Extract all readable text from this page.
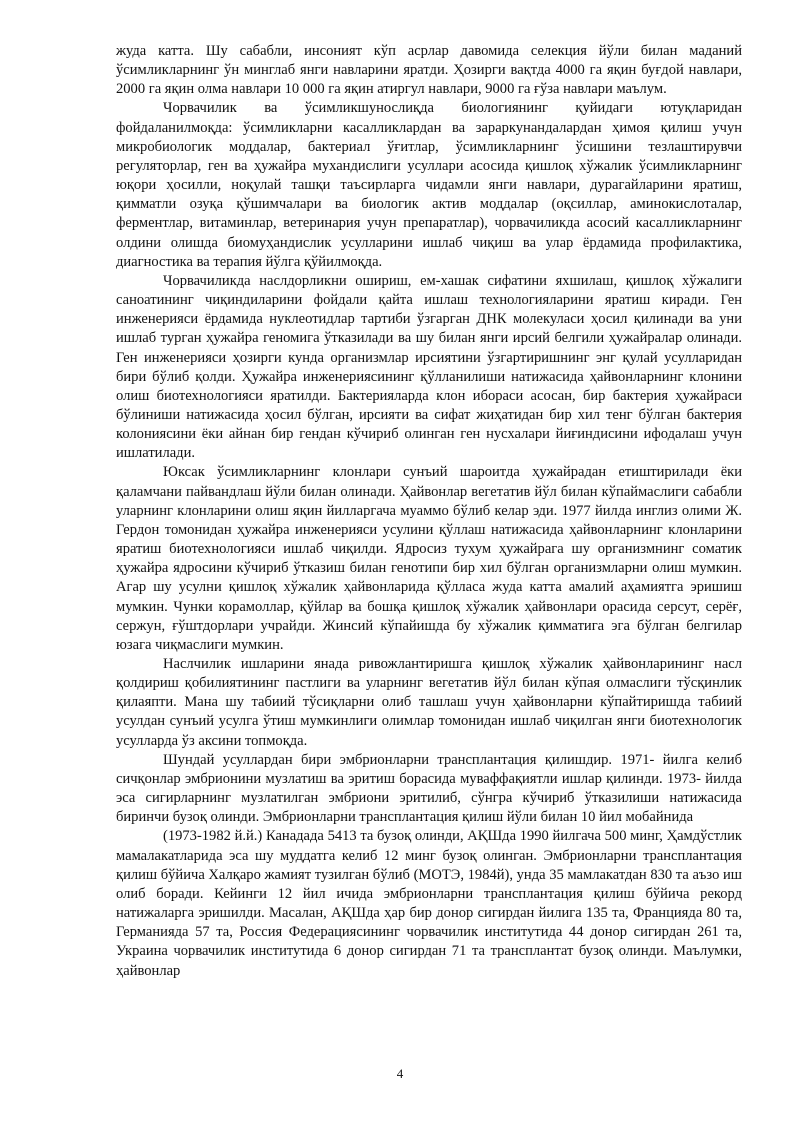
жуда катта. Шу сабабли, инсоният кўп асрлар давомида селекция йўли билан маданий ўсимликларнинг ўн минглаб янги навларини яратди. Ҳозирги вақтда 4000 га яқин буғдой навлари, 2000 га яқин олма навлари 10 000 га яқин атиргул навлари, 9000 га ғўза навлари маълум.

Чорвачилик ва ўсимликшунослиқда биологиянинг қуйидаги ютуқларидан фойдаланилмоқда: ўсимликларни касалликлардан ва зараркунандалардан ҳимоя қилиш учун микробиологик моддалар, бактериал ўғитлар, ўсимликларнинг ўсишини тезлаштирувчи регуляторлар, ген ва ҳужайра мухандислиги усуллари асосида қишлоқ хўжалик ўсимликларнинг юқори ҳосилли, ноқулай ташқи таъсирларга чидамли янги навлари, дурагайларини яратиш, қимматли озуқа қўшимчалари ва биологик актив моддалар (оқсиллар, аминокислоталар, ферментлар, витаминлар, ветеринария учун препаратлар), чорвачиликда асосий касалликларнинг олдини олишда биомуҳандислик усулларини ишлаб чиқиш ва улар ёрдамида профилактика, диагностика ва терапия йўлга қўйилмоқда.

Чорвачиликда наслдорликни ошириш, ем-хашак сифатини яхшилаш, қишлоқ хўжалиги саноатининг чиқиндиларини фойдали қайта ишлаш технологияларини яратиш киради. Ген инженерияси ёрдамида нуклеотидлар тартиби ўзгарган ДНК молекуласи ҳосил қилинади ва уни ишлаб турган ҳужайра геномига ўтказилади ва шу билан янги ирсий белгили ҳужайралар олинади. Ген инженерияси ҳозирги кунда организмлар ирсиятини ўзгартиришнинг энг қулай усулларидан бири бўлиб қолди. Ҳужайра инженериясининг қўлланилиши натижасида ҳайвонларнинг клонини олиш биотехнологияси яратилди. Бактерияларда клон иборaси асосан, бир бактерия ҳужайраси бўлиниши натижасида ҳосил бўлган, ирсияти ва сифат жиҳатидан бир хил тенг бўлган бактерия колониясини ёки айнан бир гендан кўчириб олинган ген нусхалари йиғиндисини ифодалаш учун ишлатилади.

Юксак ўсимликларнинг клонлари сунъий шароитда ҳужайрадан етиштирилади ёки қаламчани пайвандлаш йўли билан олинади. Ҳайвонлар вегетатив йўл билан кўпаймаслиги сабабли уларнинг клонларини олиш яқин йилларгача муаммо бўлиб келар эди. 1977 йилда инглиз олими Ж. Гердон томонидан ҳужайра инженерияси усулини қўллаш натижасида ҳайвонларнинг клонларини яратиш биотехнологияси ишлаб чиқилди. Ядросиз тухум ҳужайрага шу организмнинг соматик ҳужайра ядросини кўчириб ўтказиш билан генотипи бир хил бўлган организмларни олиш мумкин. Агар шу усулни қишлоқ хўжалик ҳайвонларида қўлласа жуда катта амалий аҳамиятга эришиш мумкин. Чунки корамоллар, қўйлар ва бошқа қишлоқ хўжалик ҳайвонлари орасида серсут, серёғ, сержун, ғўштдорлари учрайди. Жинсий кўпайишда бу хўжалик қимматига эга бўлган белгилар юзага чиқмаслиги мумкин.

Наслчилик ишларини янада ривожлантиришга қишлоқ хўжалик ҳайвонларининг насл қолдириш қобилиятининг пастлиги ва уларнинг вегетатив йўл билан кўпая олмаслиги тўсқинлик қилаяпти. Мана шу табиий тўсиқларни олиб ташлаш учун ҳайвонларни кўпайтиришда табиий усулдан сунъий усулга ўтиш мумкинлиги олимлар томонидан ишлаб чиқилган янги биотехнологик усулларда ўз аксини топмоқда.

Шундай усуллардан бири эмбрионларни трансплантация қилишдир. 1971- йилга келиб сичқонлар эмбрионини музлатиш ва эритиш борасида муваффақиятли ишлар қилинди. 1973- йилда эса сигирларнинг музлатилган эмбриони эритилиб, сўнгра кўчириб ўтказилиши натижасида биринчи бузоқ олинди. Эмбрионларни трансплантация қилиш йўли билан 10 йил мобайнида

(1973-1982 й.й.) Канадада 5413 та бузоқ олинди, АҚШда 1990 йилгача 500 минг, Ҳамдўстлик мамалакатларида эса шу муддатга келиб 12 минг бузоқ олинган. Эмбрионларни трансплантация қилиш бўйича Халқаро жамият тузилган бўлиб (МОТЭ, 1984й), унда 35 мамлакатдан 830 та аъзо иш олиб боради. Кейинги 12 йил ичида эмбрионларни трансплантация қилиш бўйича рекорд натижаларга эришилди. Масалан, АҚШда ҳар бир донор сигирдан йилига 135 та, Францияда 80 та, Германияда 57 та, Россия Федерациясининг чорвачилик институтида 44 донор сигирдан 261 та, Украина чорвачилик институтида 6 донор сигирдан 71 та трансплантат бузоқ олинди. Маълумки, ҳайвонлар

4
